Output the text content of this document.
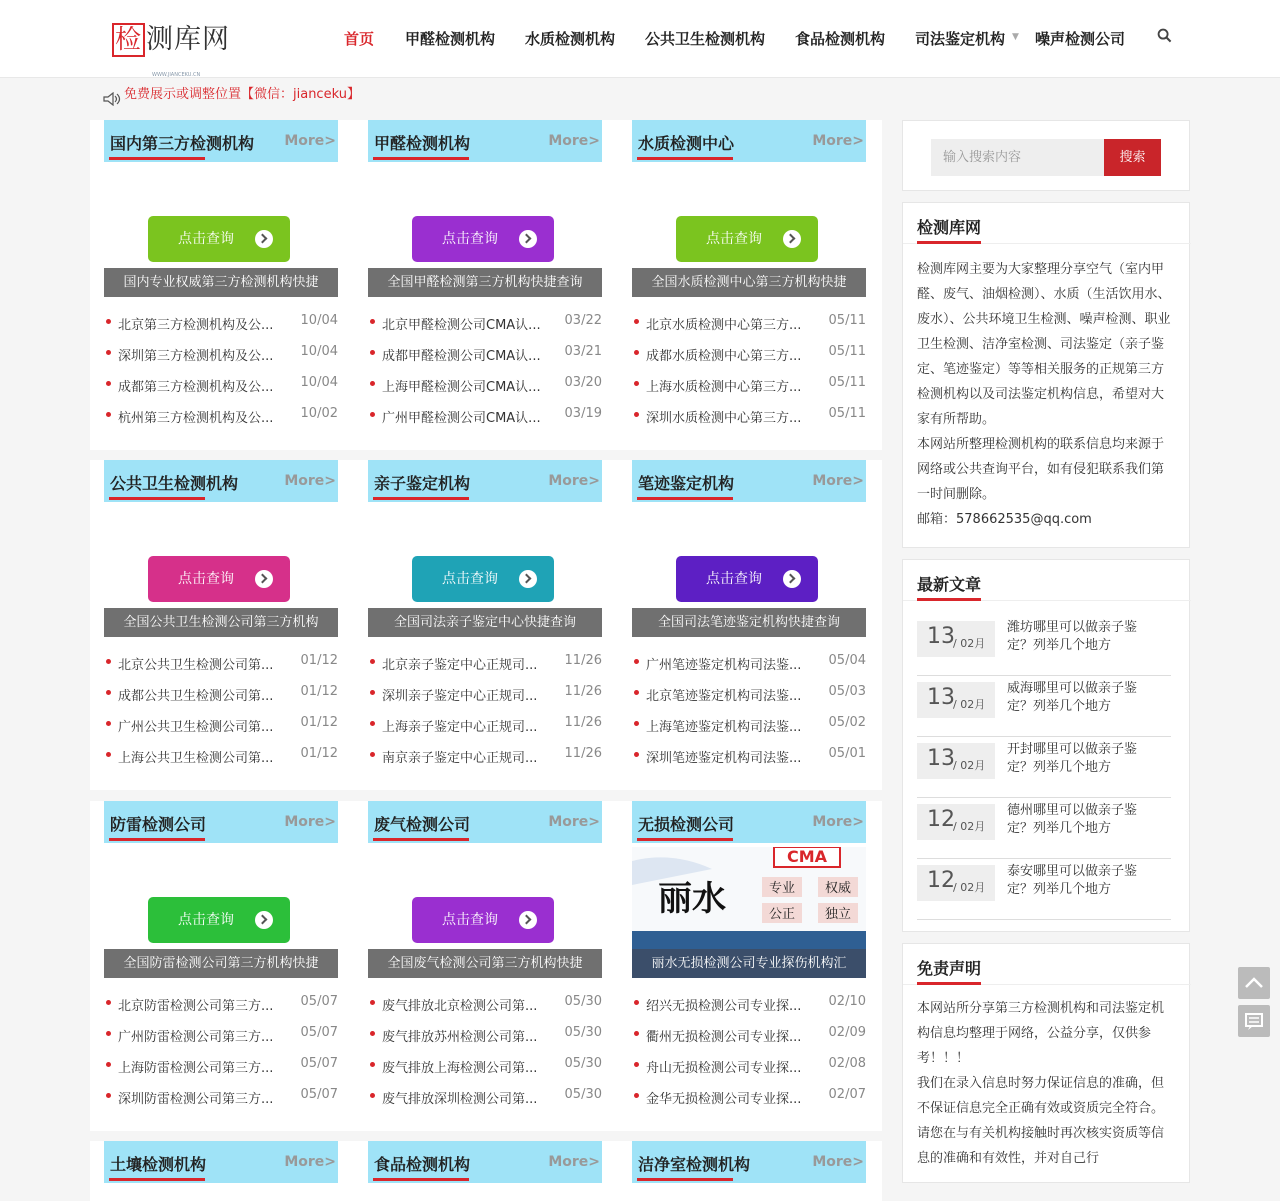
检 测库网
WWW.JIANCEKU.CN
首页 甲醛检测机构 水质检测机构 公共卫生检测机构 食品检测机构 司法鉴定机构 ▼ 噪声检测公司
免费展示或调整位置【微信：jianceku】
国内第三方检测机构 More>
点击查询
国内专业权威第三方检测机构快捷
北京第三方检测机构及公...	10/04
深圳第三方检测机构及公...	10/04
成都第三方检测机构及公...	10/04
杭州第三方检测机构及公...	10/02
甲醛检测机构	More>
点击查询
全国甲醛检测第三方机构快捷查询
北京甲醛检测公司CMA认...	03/22
成都甲醛检测公司CMA认...	03/21
上海甲醛检测公司CMA认...	03/20
广州甲醛检测公司CMA认...	03/19
水质检测中心	More>
点击查询
全国水质检测中心第三方机构快捷
北京水质检测中心第三方...	05/11
成都水质检测中心第三方...	05/11
上海水质检测中心第三方...	05/11
深圳水质检测中心第三方...	05/11
公共卫生检测机构	More>
点击查询
全国公共卫生检测公司第三方机构
北京公共卫生检测公司第...	01/12
成都公共卫生检测公司第...	01/12
广州公共卫生检测公司第...	01/12
上海公共卫生检测公司第...	01/12
亲子鉴定机构	More>
点击查询
全国司法亲子鉴定中心快捷查询
北京亲子鉴定中心正规司...	11/26
深圳亲子鉴定中心正规司...	11/26
上海亲子鉴定中心正规司...	11/26
南京亲子鉴定中心正规司...	11/26
笔迹鉴定机构	More>
点击查询
全国司法笔迹鉴定机构快捷查询
广州笔迹鉴定机构司法鉴...	05/04
北京笔迹鉴定机构司法鉴...	05/03
上海笔迹鉴定机构司法鉴...	05/02
深圳笔迹鉴定机构司法鉴...	05/01
防雷检测公司	More>
点击查询
全国防雷检测公司第三方机构快捷
北京防雷检测公司第三方...	05/07
广州防雷检测公司第三方...	05/07
上海防雷检测公司第三方...	05/07
深圳防雷检测公司第三方...	05/07
废气检测公司	More>
点击查询
全国废气检测公司第三方机构快捷
废气排放北京检测公司第...	05/30
废气排放苏州检测公司第...	05/30
废气排放上海检测公司第...	05/30
废气排放深圳检测公司第...	05/30
无损检测公司	More>
CMA
丽水	专业 权威
公正 独立
丽水无损检测公司专业探伤机构汇
绍兴无损检测公司专业探...	02/10
衢州无损检测公司专业探...	02/09
舟山无损检测公司专业探...	02/08
金华无损检测公司专业探...	02/07
土壤检测机构	More> 食品检测机构	More> 洁净室检测机构	More>
输入搜索内容	搜索
检测库网

检测库网主要为大家整理分享空气（室内甲醛、废气、油烟检测）、水质（生活饮用水、废水）、公共环境卫生检测、噪声检测、职业卫生检测、洁净室检测、司法鉴定（亲子鉴定、笔迹鉴定）等等相关服务的正规第三方检测机构以及司法鉴定机构信息，希望对大家有所帮助。

本网站所整理检测机构的联系信息均来源于网络或公共查询平台，如有侵犯联系我们第一时间删除。

邮箱：578662535@qq.com

最新文章
13
/ 02月
潍坊哪里可以做亲子鉴定？列举几个地方
13
/ 02月
威海哪里可以做亲子鉴定？列举几个地方
13
/ 02月
开封哪里可以做亲子鉴定？列举几个地方
12
/ 02月
德州哪里可以做亲子鉴定？列举几个地方
12
/ 02月
泰安哪里可以做亲子鉴定？列举几个地方
免责声明

本网站所分享第三方检测机构和司法鉴定机构信息均整理于网络，公益分享，仅供参考！！！

我们在录入信息时努力保证信息的准确，但不保证信息完全正确有效或资质完全符合。请您在与有关机构接触时再次核实资质等信息的准确和有效性，并对自己行
